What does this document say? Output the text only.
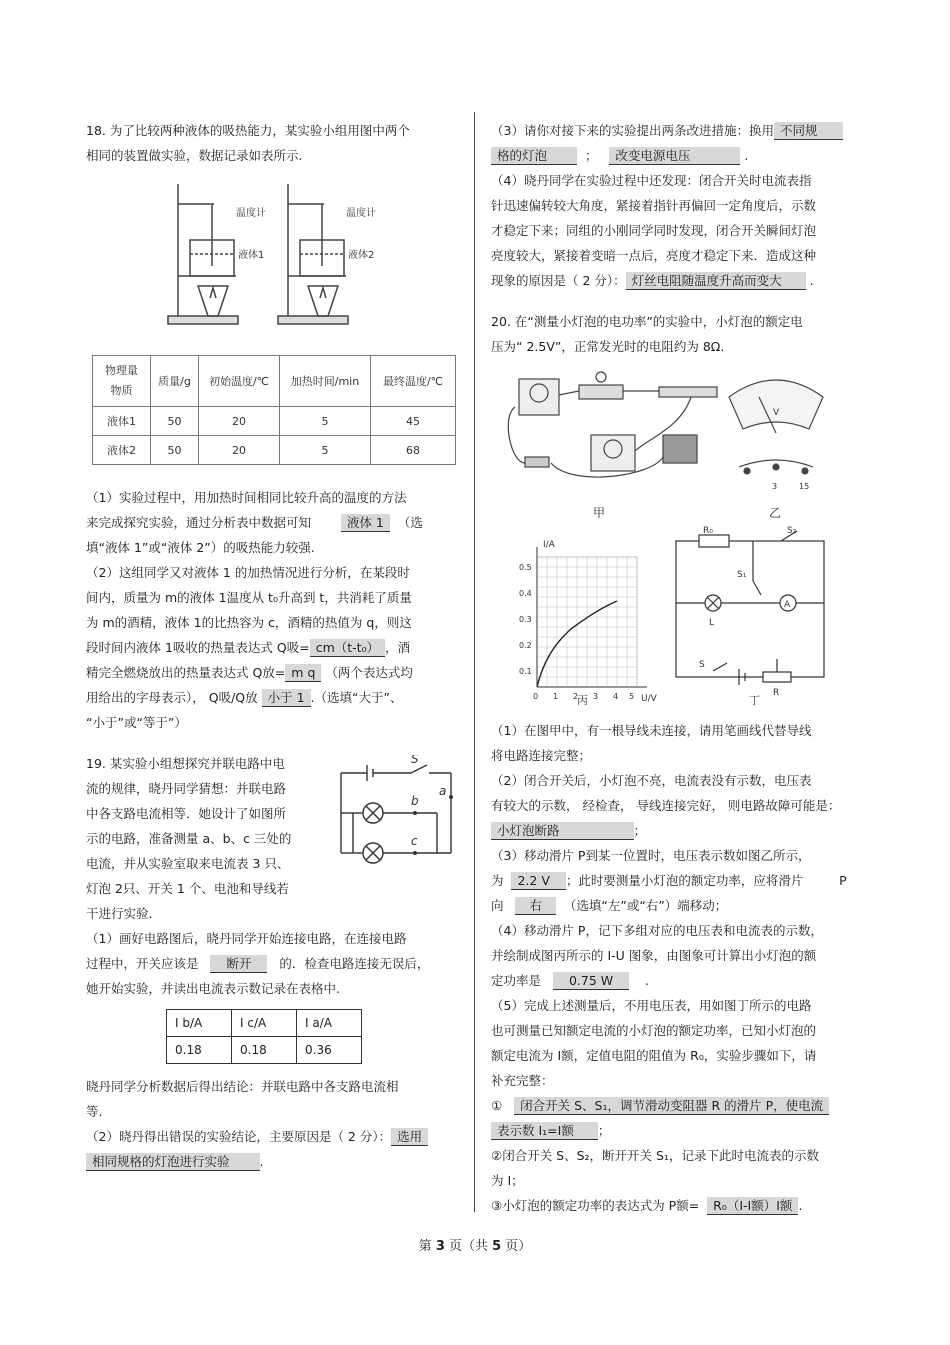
18. 为了比较两种液体的吸热能力，某实验小组用图中两个

相同的装置做实验，数据记录如表所示.

温度计
液体1
温度计
液体2
物理量
物质	质量/g	初始温度/℃	加热时间/min	最终温度/℃
液体1	50	20	5	45
液体2	50	20	5	68

（1）实验过程中，用加热时间相同比较升高的温度的方法

来完成探究实验，通过分析表中数据可知	液体 1 （选

填“液体 1”或“液体 2”）的吸热能力较强.

（2）这组同学又对液体 1 的加热情况进行分析，在某段时

间内，质量为 m的液体 1温度从 t₀升高到 t，共消耗了质量

为 m的酒精，液体 1的比热容为 c，酒精的热值为 q，则这

段时间内液体 1吸收的热量表达式 Q吸= cm（t-t₀） ，酒

精完全燃烧放出的热量表达式 Q放= m q （两个表达式均

用给出的字母表示）， Q吸/Q放 小于 1 .（选填“大于”、

“小于”或“等于”）

S
b
a
c

19. 某实验小组想探究并联电路中电

流的规律，晓丹同学猜想：并联电路

中各支路电流相等．她设计了如图所

示的电路，准备测量 a、b、c 三处的

电流，并从实验室取来电流表 3 只、

灯泡 2只、开关 1 个、电池和导线若

干进行实验.

（1）画好电路图后，晓丹同学开始连接电路，在连接电路

过程中，开关应该是 断开 的．检查电路连接无误后，

她开始实验，并读出电流表示数记录在表格中.

I b/A	I c/A	I a/A
0.18	0.18	0.36

晓丹同学分析数据后得出结论：并联电路中各支路电流相

等.

（2）晓丹得出错误的实验结论，主要原因是（ 2 分）： 选用

相同规格的灯泡进行实验 .

（3）请你对接下来的实验提出两条改进措施：换用 不同规

格的灯泡	； 改变电源电压	.

（4）晓丹同学在实验过程中还发现：闭合开关时电流表指

针迅速偏转较大角度，紧接着指针再偏回一定角度后，示数

才稳定下来；同组的小刚同学同时发现，闭合开关瞬间灯泡

亮度较大，紧接着变暗一点后，亮度才稳定下来．造成这种

现象的原因是（ 2 分）： 灯丝电阻随温度升高而变大 .

20. 在“测量小灯泡的电功率”的实验中，小灯泡的额定电

压为“ 2.5V”，正常发光时的电阻约为 8Ω.

V
3	15
甲	乙
I/A
U/V
0.5
0.4
0.3
0.2
0.1
0 1 2 3 4 5
R₀	S₂
S₁
A
L
S
R
丙	丁

（1）在图甲中，有一根导线未连接，请用笔画线代替导线

将电路连接完整；

（2）闭合开关后，小灯泡不亮，电流表没有示数，电压表

有较大的示数， 经检查， 导线连接完好， 则电路故障可能是：

小灯泡断路	；

（3）移动滑片 P到某一位置时，电压表示数如图乙所示，

为 2.2 V ；此时要测量小灯泡的额定功率，应将滑片	P

向 右 （选填“左”或“右”）端移动；

（4）移动滑片 P，记下多组对应的电压表和电流表的示数，

并绘制成图丙所示的 I-U 图象，由图象可计算出小灯泡的额

定功率是 0.75 W	.

（5）完成上述测量后，不用电压表，用如图丁所示的电路

也可测量已知额定电流的小灯泡的额定功率，已知小灯泡的

额定电流为 I额，定值电阻的阻值为 R₀，实验步骤如下，请

补充完整：

① 闭合开关 S、S₁，调节滑动变阻器 R 的滑片 P，使电流

表示数 I₁=I额 ；

②闭合开关 S、S₂，断开开关 S₁，记录下此时电流表的示数

为 I；

③小灯泡的额定功率的表达式为 P额= R₀（I-I额）I额 .

第 3 页（共 5 页）
